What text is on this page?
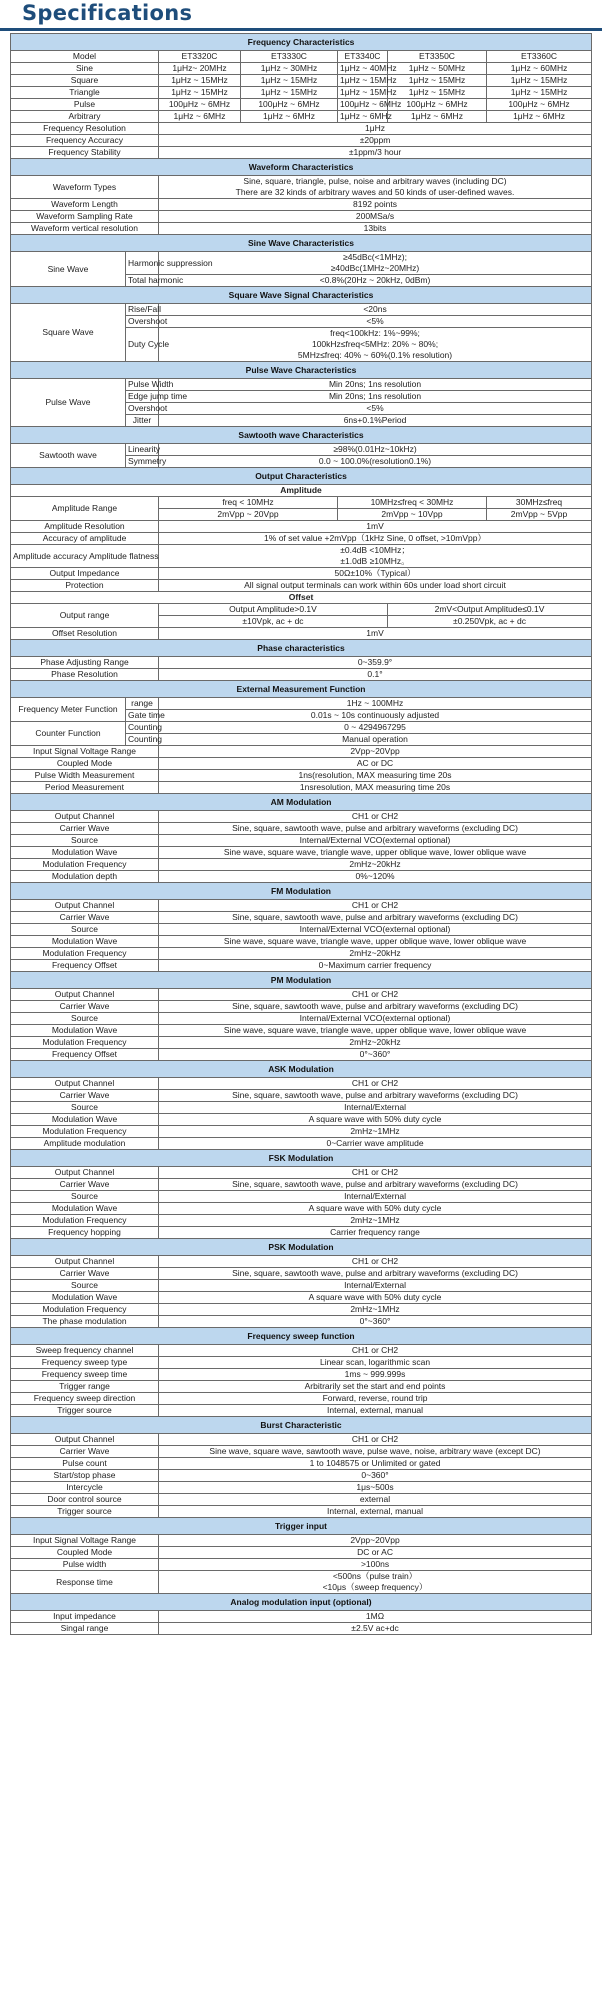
Specifications
Frequency Characteristics						
Model		ET3320C	ET3330C	ET3340C	ET3350C	ET3360C
Sine		1μHz~ 20MHz	1μHz ~ 30MHz	1μHz ~ 40MHz	1μHz ~ 50MHz	1μHz ~ 60MHz
Square		1μHz ~ 15MHz	1μHz ~ 15MHz	1μHz ~ 15MHz	1μHz ~ 15MHz	1μHz ~ 15MHz
Triangle		1μHz ~ 15MHz	1μHz ~ 15MHz	1μHz ~ 15MHz	1μHz ~ 15MHz	1μHz ~ 15MHz
Pulse		100μHz ~ 6MHz	100μHz ~ 6MHz	100μHz ~ 6MHz	100μHz ~ 6MHz	100μHz ~ 6MHz
Arbitrary		1μHz ~ 6MHz	1μHz ~ 6MHz	1μHz ~ 6MHz	1μHz ~ 6MHz	1μHz ~ 6MHz
Frequency Resolution		1μHz				
Frequency Accuracy		±20ppm				
Frequency Stability		±1ppm/3 hour				
Waveform Characteristics						
Waveform Types		Sine, square, triangle, pulse, noise and arbitrary waves (including DC)
There are 32 kinds of arbitrary waves and 50 kinds of user-defined waves.				
Waveform Length		8192 points				
Waveform Sampling Rate		200MSa/s				
Waveform vertical resolution		13bits				
Sine Wave Characteristics						
Sine Wave	Harmonic suppression	≥45dBc(<1MHz);
≥40dBc(1MHz~20MHz)				
	Total harmonic	<0.8%(20Hz ~ 20kHz, 0dBm)				
Square Wave Signal Characteristics						
Square Wave	Rise/Fall	<20ns				
	Overshoot	<5%				
	Duty Cycle	freq<100kHz: 1%~99%;
100kHz≤freq<5MHz: 20% ~ 80%;
5MHz≤freq: 40% ~ 60%(0.1% resolution)				
Pulse Wave Characteristics						
Pulse Wave	Pulse Width	Min 20ns; 1ns resolution				
	Edge jump time	Min 20ns; 1ns resolution				
	Overshoot	<5%				
	Jitter	6ns+0.1%Period				
Sawtooth wave Characteristics						
Sawtooth wave	Linearity	≥98%(0.01Hz~10kHz)				
	Symmetry	0.0 ~ 100.0%(resolution0.1%)				
Output Characteristics						
Amplitude						
Amplitude Range		freq < 10MHz		10MHz≤freq < 30MHz		30MHz≤freq
		2mVpp ~ 20Vpp		2mVpp ~ 10Vpp		2mVpp ~ 5Vpp
Amplitude Resolution		1mV				
Accuracy of amplitude		1% of set value +2mVpp（1kHz Sine, 0 offset, >10mVpp）				
Amplitude accuracy Amplitude flatness		±0.4dB <10MHz；
±1.0dB ≥10MHz。				
Output Impedance		50Ω±10%（Typical）				
Protection		All signal output terminals can work within 60s under load short circuit				
Offset						
Output range		Output Amplitude>0.1V			2mV<Output Amplitude≤0.1V	
		±10Vpk, ac + dc			±0.250Vpk, ac + dc	
Offset Resolution		1mV				
Phase characteristics						
Phase Adjusting Range		0~359.9°				
Phase Resolution		0.1°				
External Measurement Function						
Frequency Meter Function	range	1Hz ~ 100MHz				
	Gate time	0.01s ~ 10s continuously adjusted				
Counter Function	Counting	0 ~ 4294967295				
	Counting	Manual operation				
Input Signal Voltage Range		2Vpp~20Vpp				
Coupled Mode		AC or DC				
Pulse Width Measurement		1ns(resolution, MAX measuring time 20s				
Period Measurement		1nsresolution, MAX measuring time 20s				
AM Modulation						
Output Channel		CH1 or CH2				
Carrier Wave		Sine, square, sawtooth wave, pulse and arbitrary waveforms (excluding DC)				
Source		Internal/External VCO(external optional)				
Modulation Wave		Sine wave, square wave, triangle wave, upper oblique wave, lower oblique wave				
Modulation Frequency		2mHz~20kHz				
Modulation depth		0%~120%				
FM Modulation						
Output Channel		CH1 or CH2				
Carrier Wave		Sine, square, sawtooth wave, pulse and arbitrary waveforms (excluding DC)				
Source		Internal/External VCO(external optional)				
Modulation Wave		Sine wave, square wave, triangle wave, upper oblique wave, lower oblique wave				
Modulation Frequency		2mHz~20kHz				
Frequency Offset		0~Maximum carrier frequency				
PM Modulation						
Output Channel		CH1 or CH2				
Carrier Wave		Sine, square, sawtooth wave, pulse and arbitrary waveforms (excluding DC)				
Source		Internal/External VCO(external optional)				
Modulation Wave		Sine wave, square wave, triangle wave, upper oblique wave, lower oblique wave				
Modulation Frequency		2mHz~20kHz				
Frequency Offset		0°~360°				
ASK Modulation						
Output Channel		CH1 or CH2				
Carrier Wave		Sine, square, sawtooth wave, pulse and arbitrary waveforms (excluding DC)				
Source		Internal/External				
Modulation Wave		A square wave with 50% duty cycle				
Modulation Frequency		2mHz~1MHz				
Amplitude modulation		0~Carrier wave amplitude				
FSK Modulation						
Output Channel		CH1 or CH2				
Carrier Wave		Sine, square, sawtooth wave, pulse and arbitrary waveforms (excluding DC)				
Source		Internal/External				
Modulation Wave		A square wave with 50% duty cycle				
Modulation Frequency		2mHz~1MHz				
Frequency hopping		Carrier frequency range				
PSK Modulation						
Output Channel		CH1 or CH2				
Carrier Wave		Sine, square, sawtooth wave, pulse and arbitrary waveforms (excluding DC)				
Source		Internal/External				
Modulation Wave		A square wave with 50% duty cycle				
Modulation Frequency		2mHz~1MHz				
The phase modulation		0°~360°				
Frequency sweep function						
Sweep frequency channel		CH1 or CH2				
Frequency sweep type		Linear scan, logarithmic scan				
Frequency sweep time		1ms ~ 999.999s				
Trigger range		Arbitrarily set the start and end points				
Frequency sweep direction		Forward, reverse, round trip				
Trigger source		Internal, external, manual				
Burst Characteristic						
Output Channel		CH1 or CH2				
Carrier Wave		Sine wave, square wave, sawtooth wave, pulse wave, noise, arbitrary wave (except DC)				
Pulse count		1 to 1048575 or Unlimited or gated				
Start/stop phase		0~360°				
Intercycle		1μs~500s				
Door control source		external				
Trigger source		Internal, external, manual				
Trigger input						
Input Signal Voltage Range		2Vpp~20Vpp				
Coupled Mode		DC or AC				
Pulse width		>100ns				
Response time		<500ns（pulse train）
<10μs（sweep frequency）				
Analog modulation input (optional)						
Input impedance		1MΩ				
Singal range		±2.5V ac+dc				
